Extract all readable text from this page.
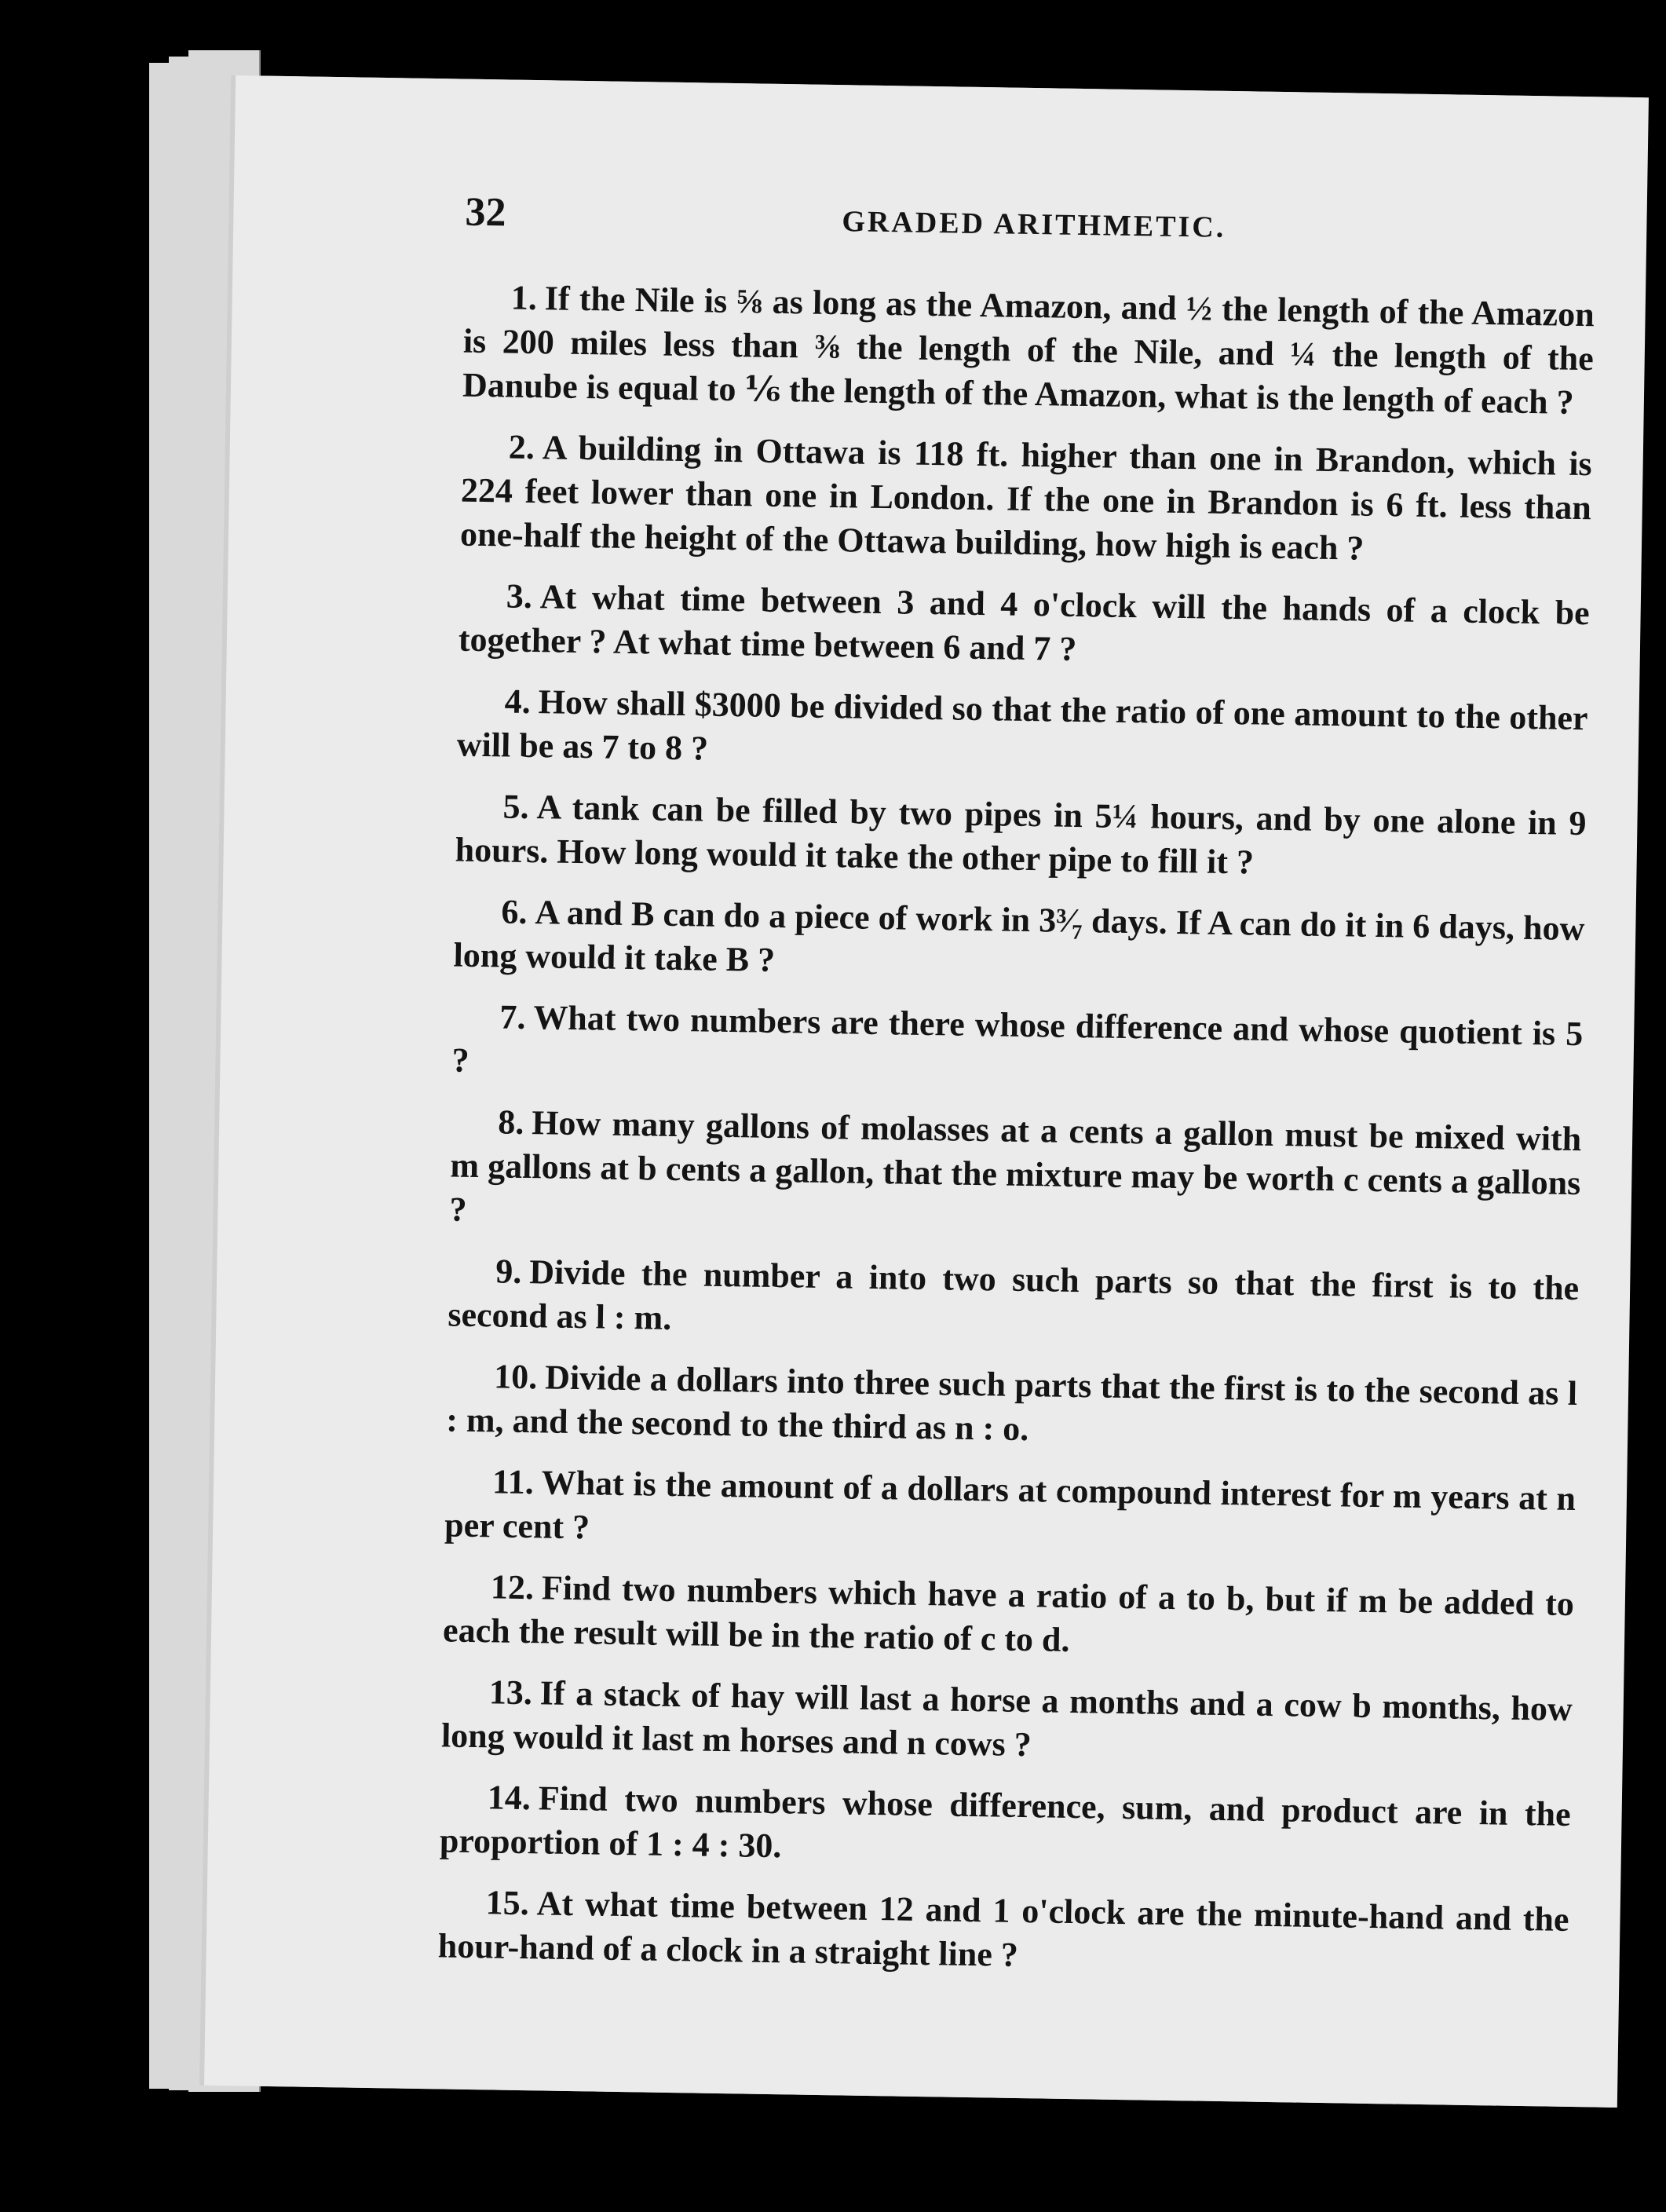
32	GRADED ARITHMETIC.

1. If the Nile is ⅝ as long as the Amazon, and ½ the length of the Amazon is 200 miles less than ⅜ the length of the Nile, and ¼ the length of the Danube is equal to ⅙ the length of the Amazon, what is the length of each ?

2. A building in Ottawa is 118 ft. higher than one in Brandon, which is 224 feet lower than one in London. If the one in Brandon is 6 ft. less than one-half the height of the Ottawa building, how high is each ?

3. At what time between 3 and 4 o'clock will the hands of a clock be together ? At what time between 6 and 7 ?

4. How shall $3000 be divided so that the ratio of one amount to the other will be as 7 to 8 ?

5. A tank can be filled by two pipes in 5¼ hours, and by one alone in 9 hours. How long would it take the other pipe to fill it ?

6. A and B can do a piece of work in 3³⁄₇ days. If A can do it in 6 days, how long would it take B ?

7. What two numbers are there whose difference and whose quotient is 5 ?

8. How many gallons of molasses at a cents a gallon must be mixed with m gallons at b cents a gallon, that the mixture may be worth c cents a gallons ?

9. Divide the number a into two such parts so that the first is to the second as l : m.

10. Divide a dollars into three such parts that the first is to the second as l : m, and the second to the third as n : o.

11. What is the amount of a dollars at compound interest for m years at n per cent ?

12. Find two numbers which have a ratio of a to b, but if m be added to each the result will be in the ratio of c to d.

13. If a stack of hay will last a horse a months and a cow b months, how long would it last m horses and n cows ?

14. Find two numbers whose difference, sum, and product are in the proportion of 1 : 4 : 30.

15. At what time between 12 and 1 o'clock are the minute-hand and the hour-hand of a clock in a straight line ?
